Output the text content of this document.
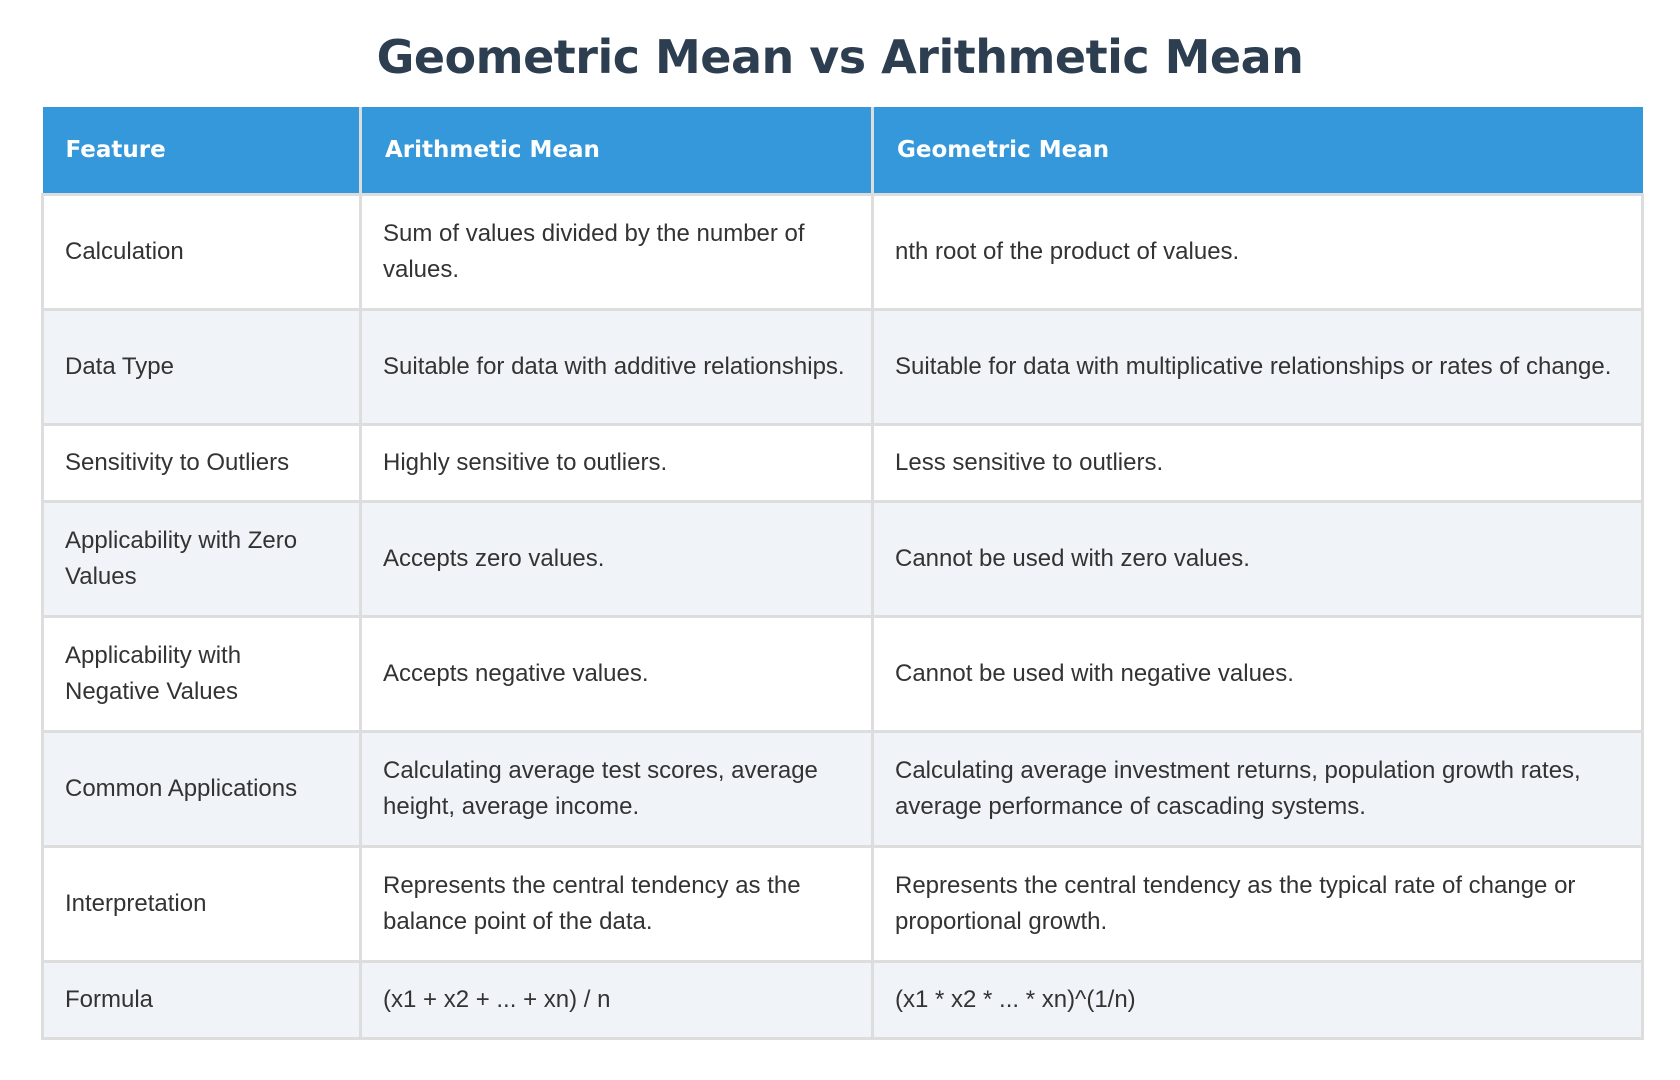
Geometric Mean vs Arithmetic Mean
Feature	Arithmetic Mean	Geometric Mean
Calculation	Sum of values divided by the number of values.	nth root of the product of values.
Data Type	Suitable for data with additive relationships.	Suitable for data with multiplicative relationships or rates of change.
Sensitivity to Outliers	Highly sensitive to outliers.	Less sensitive to outliers.
Applicability with Zero Values	Accepts zero values.	Cannot be used with zero values.
Applicability with Negative Values	Accepts negative values.	Cannot be used with negative values.
Common Applications	Calculating average test scores, average height, average income.	Calculating average investment returns, population growth rates, average performance of cascading systems.
Interpretation	Represents the central tendency as the balance point of the data.	Represents the central tendency as the typical rate of change or proportional growth.
Formula	(x1 + x2 + ... + xn) / n	(x1 * x2 * ... * xn)^(1/n)
